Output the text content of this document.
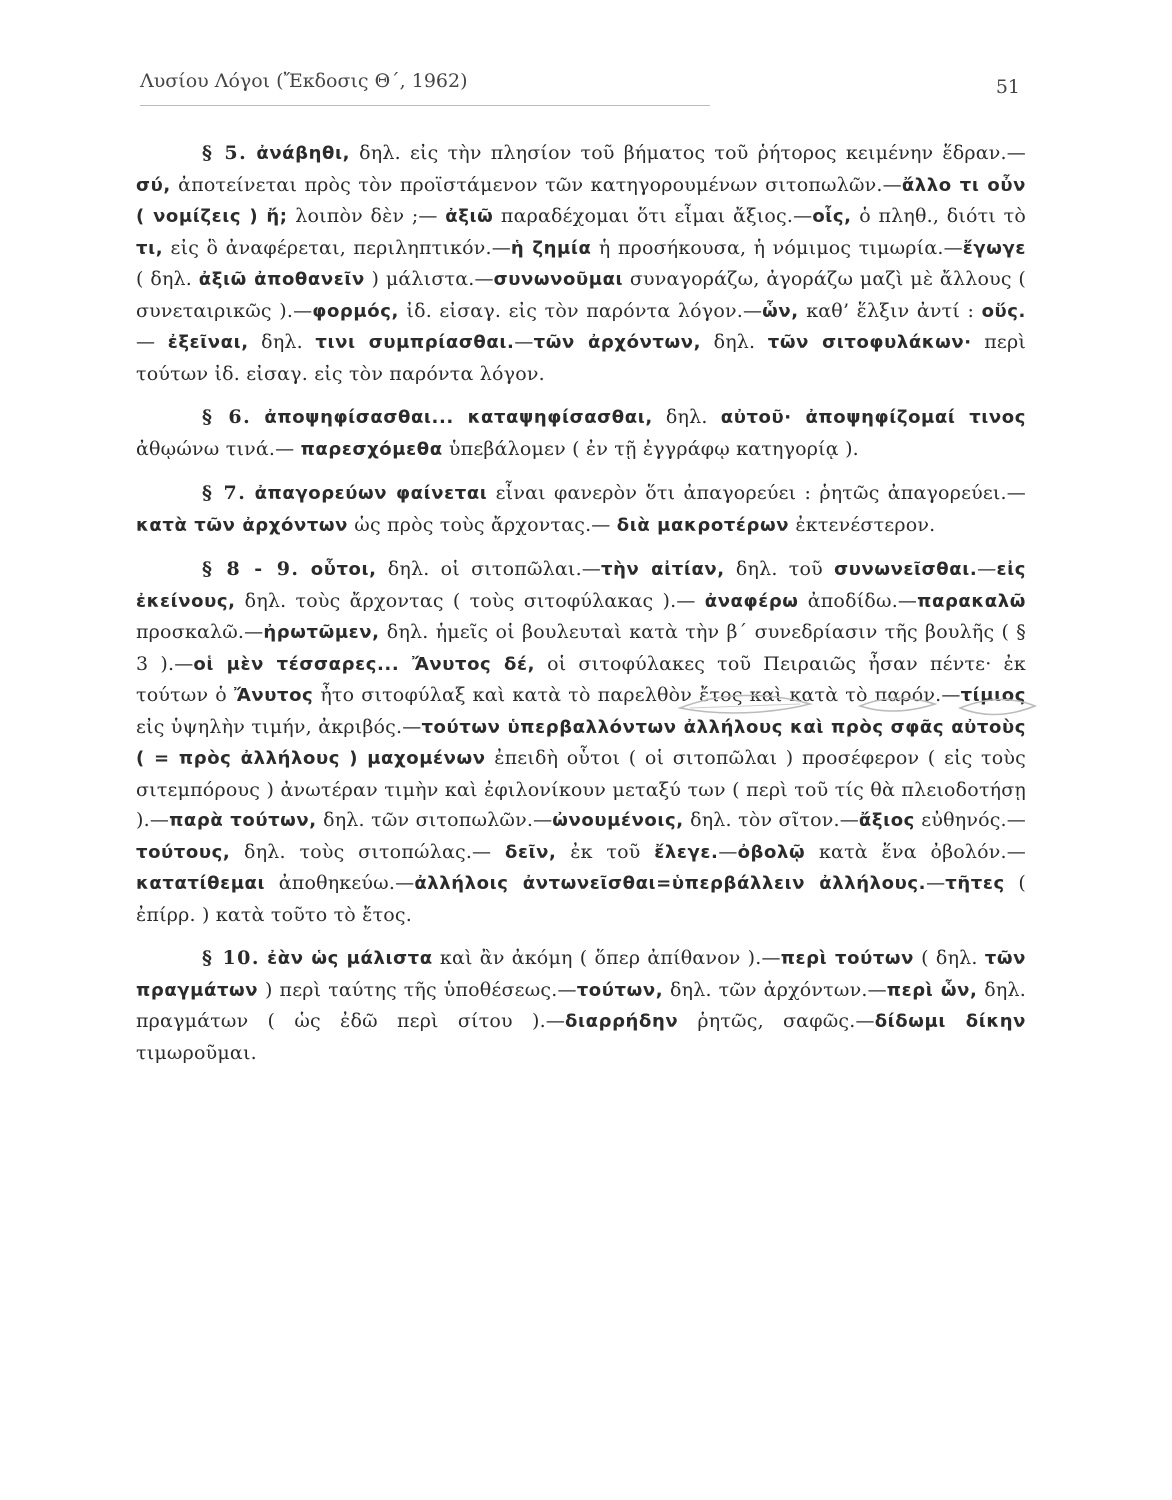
Λυσίου Λόγοι (Ἔκδοσις Θ΄, 1962)	51

§ 5. ἀνάβηθι, δηλ. εἰς τὴν πλησίον τοῦ βήματος τοῦ ῥήτορος κειμένην ἕδραν.—σύ, ἀποτείνεται πρὸς τὸν προϊστάμενον τῶν κατηγορουμένων σιτοπωλῶν.—ἄλλο τι οὖν ( νομίζεις ) ἤ; λοιπὸν δὲν ;— ἀξιῶ παραδέχομαι ὅτι εἶμαι ἄξιος.—οἷς, ὁ πληθ., διότι τὸ τι, εἰς ὃ ἀναφέρεται, περιληπτικόν.—ἡ ζημία ἡ προσήκουσα, ἡ νόμιμος τιμωρία.—ἔγωγε ( δηλ. ἀξιῶ ἀποθανεῖν ) μάλιστα.—συνωνοῦμαι συναγοράζω, ἀγοράζω μαζὶ μὲ ἄλλους ( συνεταιρικῶς ).—φορμός, ἰδ. εἰσαγ. εἰς τὸν παρόντα λόγον.—ὧν, καθ’ ἕλξιν ἀντί : οὕς.— ἐξεῖναι, δηλ. τινι συμπρίασθαι.—τῶν ἀρχόντων, δηλ. τῶν σιτοφυλάκων· περὶ τούτων ἰδ. εἰσαγ. εἰς τὸν παρόντα λόγον.

§ 6. ἀποψηφίσασθαι... καταψηφίσασθαι, δηλ. αὐτοῦ· ἀποψηφίζομαί τινος ἀθῳώνω τινά.— παρεσχόμεθα ὑπεβάλομεν ( ἐν τῇ ἐγγράφῳ κατηγορίᾳ ).

§ 7. ἀπαγορεύων φαίνεται εἶναι φανερὸν ὅτι ἀπαγορεύει : ῥητῶς ἀπαγορεύει.—κατὰ τῶν ἀρχόντων ὡς πρὸς τοὺς ἄρχοντας.— διὰ μακροτέρων ἐκτενέστερον.

§ 8 - 9. οὗτοι, δηλ. οἱ σιτοπῶλαι.—τὴν αἰτίαν, δηλ. τοῦ συνωνεῖσθαι.—εἰς ἐκείνους, δηλ. τοὺς ἄρχοντας ( τοὺς σιτοφύλακας ).— ἀναφέρω ἀποδίδω.—παρακαλῶ προσκαλῶ.—ἠρωτῶμεν, δηλ. ἡμεῖς οἱ βουλευταὶ κατὰ τὴν β΄ συνεδρίασιν τῆς βουλῆς ( § 3 ).—οἱ μὲν τέσσαρες... Ἄνυτος δέ, οἱ σιτοφύλακες τοῦ Πειραιῶς ἦσαν πέντε· ἐκ τούτων ὁ Ἄνυτος ἦτο σιτοφύλαξ καὶ κατὰ τὸ παρελθὸν ἔτος καὶ κατὰ τὸ παρόν.—τίμιος εἰς ὑψηλὴν τιμήν, ἀκριβός.—τούτων ὑπερβαλλόντων ἀλλήλους καὶ πρὸς σφᾶς αὐτοὺς ( = πρὸς ἀλλήλους ) μαχομένων ἐπειδὴ οὗτοι ( οἱ σιτοπῶλαι ) προσέφερον ( εἰς τοὺς σιτεμπόρους ) ἀνωτέραν τιμὴν καὶ ἐφιλονίκουν μεταξύ των ( περὶ τοῦ τίς θὰ πλειοδοτήσῃ ).—παρὰ τούτων, δηλ. τῶν σιτοπωλῶν.—ὠνουμένοις, δηλ. τὸν σῖτον.—ἄξιος εὐθηνός.—τούτους, δηλ. τοὺς σιτοπώλας.— δεῖν, ἐκ τοῦ ἔλεγε.—ὀβολῷ κατὰ ἕνα ὀβολόν.—κατατίθεμαι ἀποθηκεύω.—ἀλλήλοις ἀντωνεῖσθαι=ὑπερβάλλειν ἀλλήλους.—τῆτες ( ἐπίρρ. ) κατὰ τοῦτο τὸ ἔτος.

§ 10. ἐὰν ὡς μάλιστα καὶ ἂν ἀκόμη ( ὅπερ ἀπίθανον ).—περὶ τούτων ( δηλ. τῶν πραγμάτων ) περὶ ταύτης τῆς ὑποθέσεως.—τούτων, δηλ. τῶν ἀρχόντων.—περὶ ὧν, δηλ. πραγμάτων ( ὡς ἐδῶ περὶ σίτου ).—διαρρήδην ῥητῶς, σαφῶς.—δίδωμι δίκην τιμωροῦμαι.
